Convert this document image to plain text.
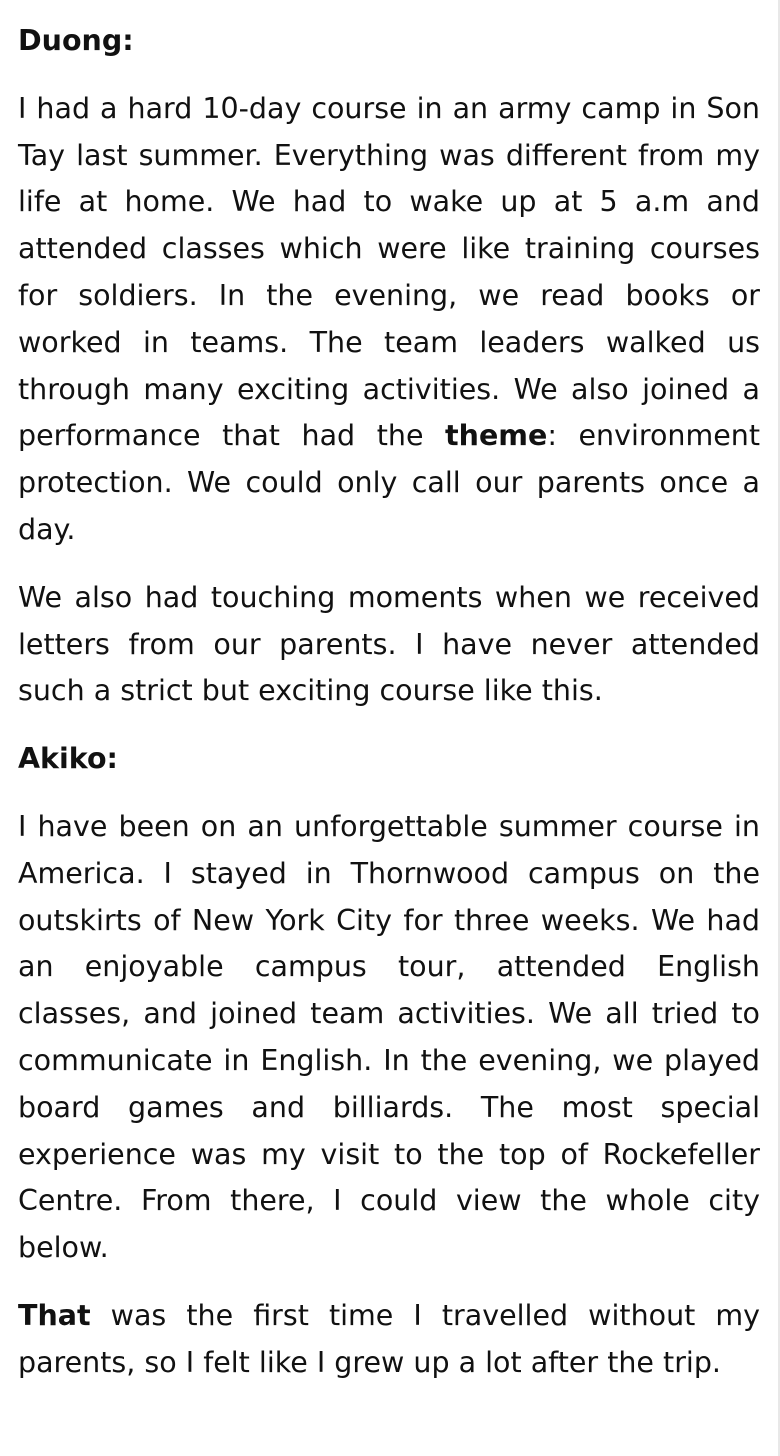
Duong:

I had a hard 10-day course in an army camp in Son Tay last summer. Everything was different from my life at home. We had to wake up at 5 a.m and attended classes which were like training courses for soldiers. In the evening, we read books or worked in teams. The team leaders walked us through many exciting activities. We also joined a performance that had the theme: environment protection. We could only call our parents once a day.

We also had touching moments when we received letters from our parents. I have never attended such a strict but exciting course like this.

Akiko:

I have been on an unforgettable summer course in America. I stayed in Thornwood campus on the outskirts of New York City for three weeks. We had an enjoyable campus tour, attended English classes, and joined team activities. We all tried to communicate in English. In the evening, we played board games and billiards. The most special experience was my visit to the top of Rockefeller Centre. From there, I could view the whole city below.

That was the first time I travelled without my parents, so I felt like I grew up a lot after the trip.
